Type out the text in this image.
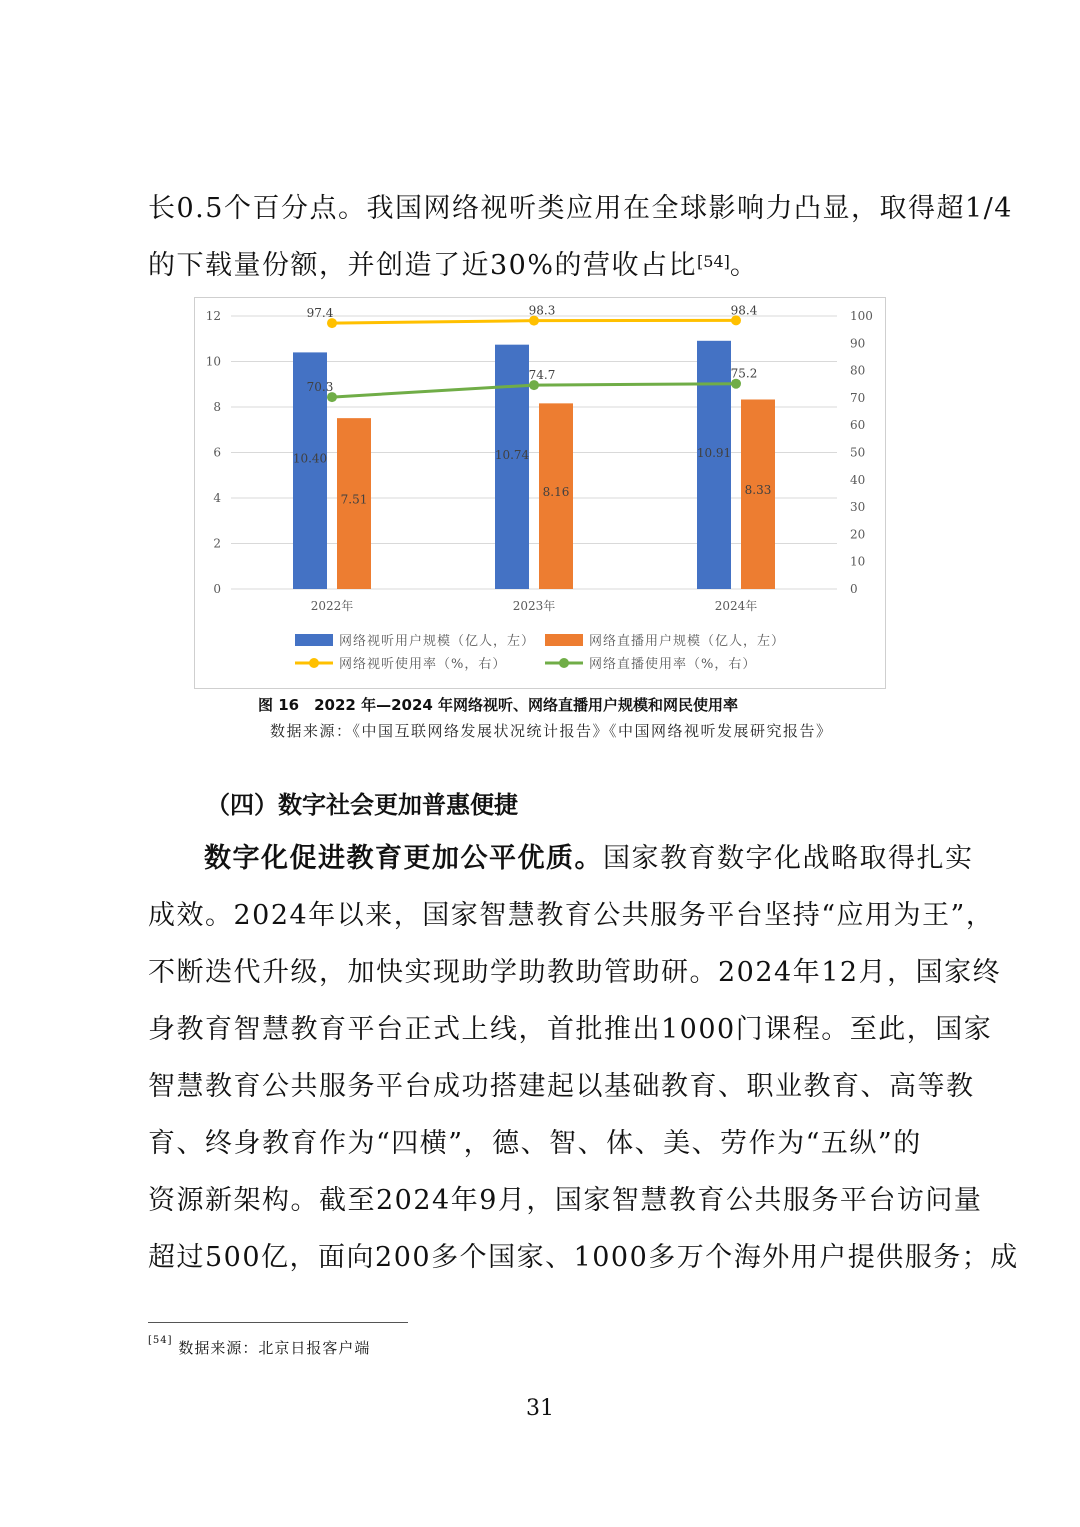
长0.5个百分点。我国网络视听类应用在全球影响力凸显，取得超1/4

的下载量份额，并创造了近30%的营收占比[54]。

0
2
4
6
8
10
12
0
10
20
30
40
50
60
70
80
90
100
2022年	2023年	2024年
10.40	10.74	10.91
7.51
8.16	8.33
97.4	98.3	98.4
70.3
74.7	75.2
网络视听用户规模（亿人，左）	网络直播用户规模（亿人，左）
网络视听使用率（%，右）	网络直播使用率（%，右）
图 16　2022 年—2024 年网络视听、网络直播用户规模和网民使用率
数据来源：《中国互联网络发展状况统计报告》《中国网络视听发展研究报告》
（四）数字社会更加普惠便捷

数字化促进教育更加公平优质。国家教育数字化战略取得扎实

成效。2024年以来，国家智慧教育公共服务平台坚持“应用为王”，

不断迭代升级，加快实现助学助教助管助研。2024年12月，国家终

身教育智慧教育平台正式上线，首批推出1000门课程。至此，国家

智慧教育公共服务平台成功搭建起以基础教育、职业教育、高等教

育、终身教育作为“四横”，德、智、体、美、劳作为“五纵”的

资源新架构。截至2024年9月，国家智慧教育公共服务平台访问量

超过500亿，面向200多个国家、1000多万个海外用户提供服务；成

[54] 数据来源：北京日报客户端
31
